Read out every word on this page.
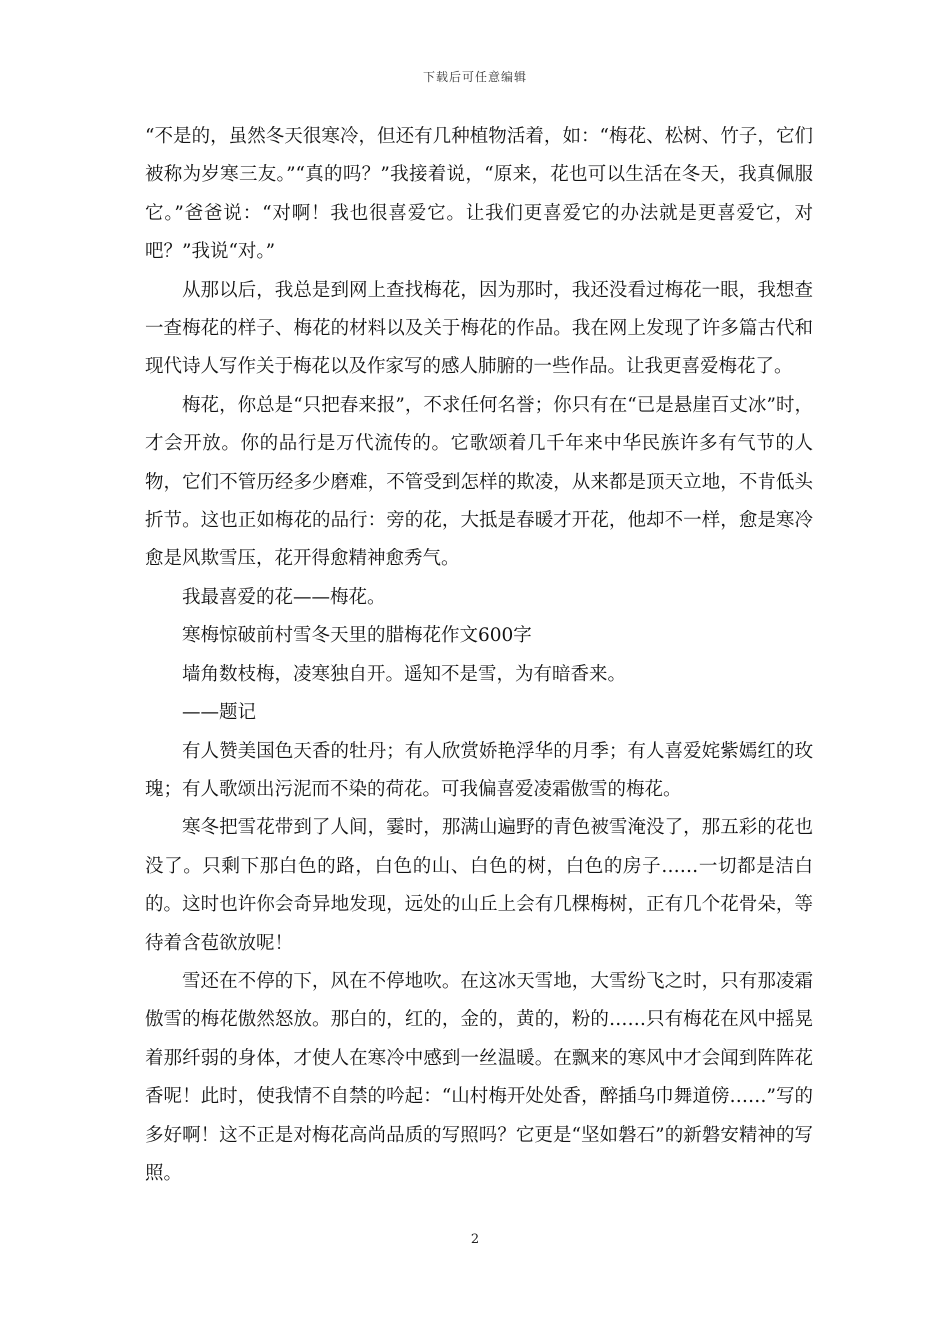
下载后可任意编辑

“不是的，虽然冬天很寒冷，但还有几种植物活着，如：“梅花、松树、竹子，它们被称为岁寒三友。”“真的吗？”我接着说，“原来，花也可以生活在冬天，我真佩服它。”爸爸说：“对啊！我也很喜爱它。让我们更喜爱它的办法就是更喜爱它，对吧？”我说“对。”

从那以后，我总是到网上查找梅花，因为那时，我还没看过梅花一眼，我想查一查梅花的样子、梅花的材料以及关于梅花的作品。我在网上发现了许多篇古代和现代诗人写作关于梅花以及作家写的感人肺腑的一些作品。让我更喜爱梅花了。

梅花，你总是“只把春来报”，不求任何名誉；你只有在“已是悬崖百丈冰”时，才会开放。你的品行是万代流传的。它歌颂着几千年来中华民族许多有气节的人物，它们不管历经多少磨难，不管受到怎样的欺凌，从来都是顶天立地，不肯低头折节。这也正如梅花的品行：旁的花，大抵是春暖才开花，他却不一样，愈是寒冷愈是风欺雪压，花开得愈精神愈秀气。

我最喜爱的花——梅花。

寒梅惊破前村雪冬天里的腊梅花作文600字

墙角数枝梅，凌寒独自开。遥知不是雪，为有暗香来。

——题记

有人赞美国色天香的牡丹；有人欣赏娇艳浮华的月季；有人喜爱姹紫嫣红的玫瑰；有人歌颂出污泥而不染的荷花。可我偏喜爱凌霜傲雪的梅花。

寒冬把雪花带到了人间，霎时，那满山遍野的青色被雪淹没了，那五彩的花也没了。只剩下那白色的路，白色的山、白色的树，白色的房子……一切都是洁白的。这时也许你会奇异地发现，远处的山丘上会有几棵梅树，正有几个花骨朵，等待着含苞欲放呢！

雪还在不停的下，风在不停地吹。在这冰天雪地，大雪纷飞之时，只有那凌霜傲雪的梅花傲然怒放。那白的，红的，金的，黄的，粉的……只有梅花在风中摇晃着那纤弱的身体，才使人在寒冷中感到一丝温暖。在飘来的寒风中才会闻到阵阵花香呢！此时，使我情不自禁的吟起：“山村梅开处处香，醉插乌巾舞道傍……”写的多好啊！这不正是对梅花高尚品质的写照吗？它更是“坚如磐石”的新磐安精神的写照。

2
